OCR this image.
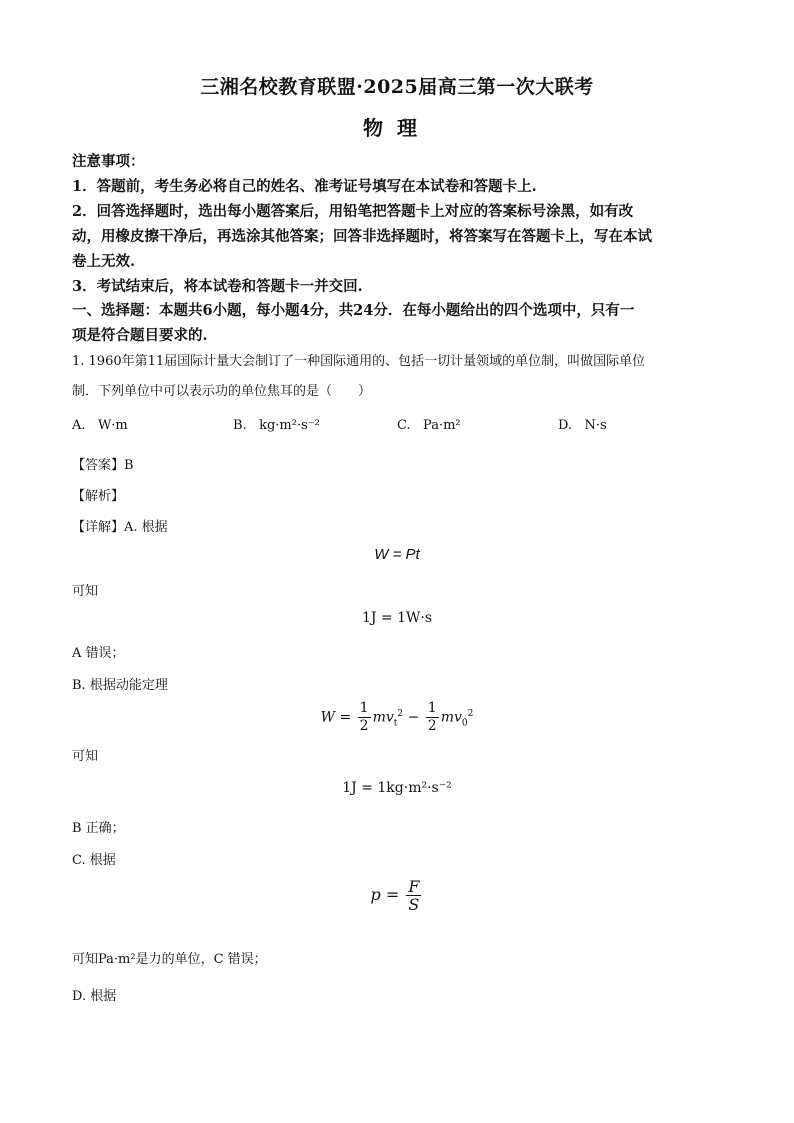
三湘名校教育联盟·2025届高三第一次大联考
物理
注意事项：
1．答题前，考生务必将自己的姓名、准考证号填写在本试卷和答题卡上.
2．回答选择题时，选出每小题答案后，用铅笔把答题卡上对应的答案标号涂黑，如有改
动，用橡皮擦干净后，再选涂其他答案；回答非选择题时，将答案写在答题卡上，写在本试
卷上无效.
3．考试结束后，将本试卷和答题卡一并交回.
一、选择题：本题共6小题，每小题4分，共24分．在每小题给出的四个选项中，只有一
项是符合题目要求的.
1. 1960年第11届国际计量大会制订了一种国际通用的、包括一切计量领域的单位制，叫做国际单位
制．下列单位中可以表示功的单位焦耳的是（　　）
A. W·m	B. kg·m²·s⁻²	C. Pa·m²	D. N·s
【答案】B
【解析】
【详解】A. 根据
W = Pt
可知
1J = 1W·s
A 错误；
B. 根据动能定理
$W = \frac{1}{2} mv_t^2 - \frac{1}{2} mv_0^2$
可知
1J = 1kg·m²·s⁻²
B 正确；
C. 根据
$p = \frac{F}{S}$
可知Pa·m²是力的单位，C 错误；
D. 根据
